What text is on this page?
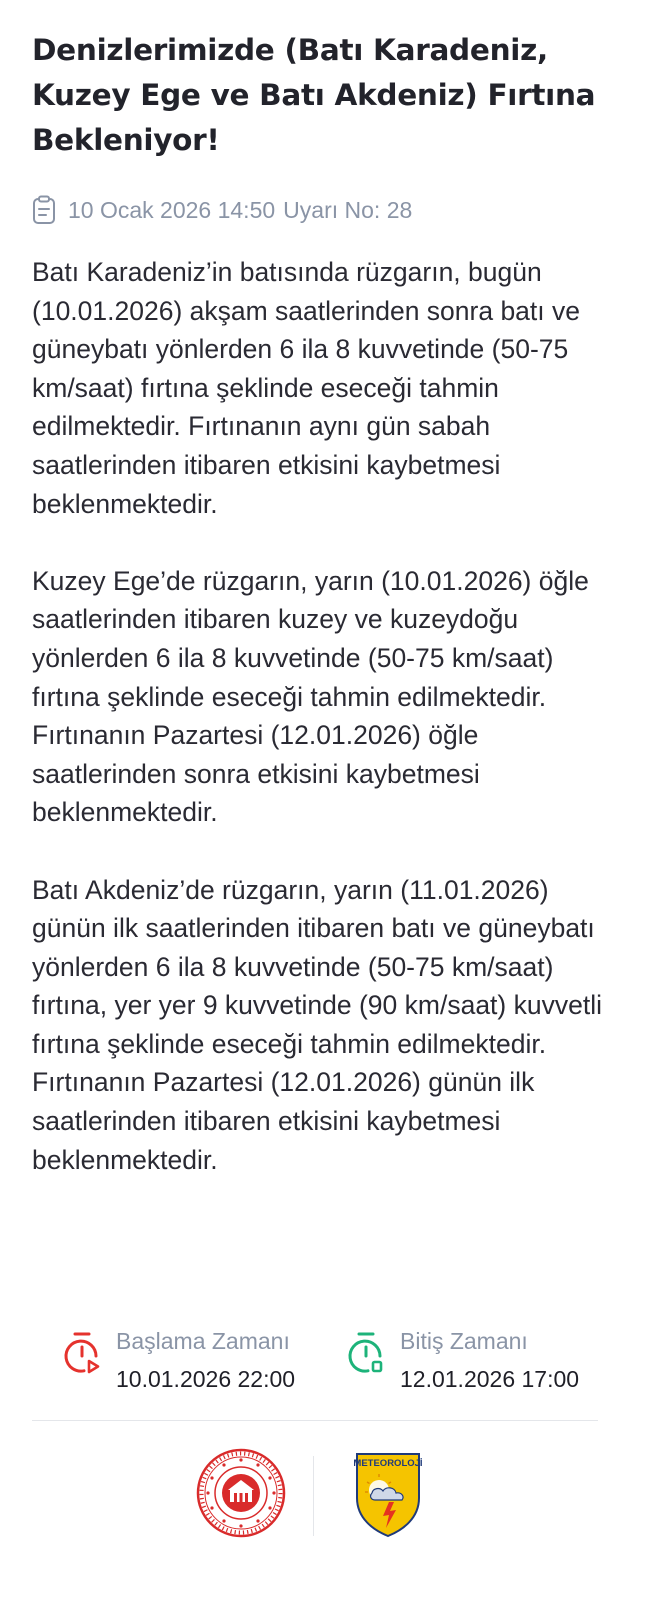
Denizlerimizde (Batı Karadeniz, Kuzey Ege ve Batı Akdeniz) Fırtına Bekleniyor!
10 Ocak 2026 14:50 Uyarı No: 28

Batı Karadeniz’in batısında rüzgarın, bugün (10.01.2026) akşam saatlerinden sonra batı ve güneybatı yönlerden 6 ila 8 kuvvetinde (50-75 km/saat) fırtına şeklinde eseceği tahmin edilmektedir. Fırtınanın aynı gün sabah saatlerinden itibaren etkisini kaybetmesi beklenmektedir.

Kuzey Ege’de rüzgarın, yarın (10.01.2026) öğle saatlerinden itibaren kuzey ve kuzeydoğu yönlerden 6 ila 8 kuvvetinde (50-75 km/saat) fırtına şeklinde eseceği tahmin edilmektedir. Fırtınanın Pazartesi (12.01.2026) öğle saatlerinden sonra etkisini kaybetmesi beklenmektedir.

Batı Akdeniz’de rüzgarın, yarın (11.01.2026) günün ilk saatlerinden itibaren batı ve güneybatı yönlerden 6 ila 8 kuvvetinde (50-75 km/saat) fırtına, yer yer 9 kuvvetinde (90 km/saat) kuvvetli fırtına şeklinde eseceği tahmin edilmektedir. Fırtınanın Pazartesi (12.01.2026) günün ilk saatlerinden itibaren etkisini kaybetmesi beklenmektedir.

Başlama Zamanı
10.01.2026 22:00
Bitiş Zamanı
12.01.2026 17:00
METEOROLOJİ
